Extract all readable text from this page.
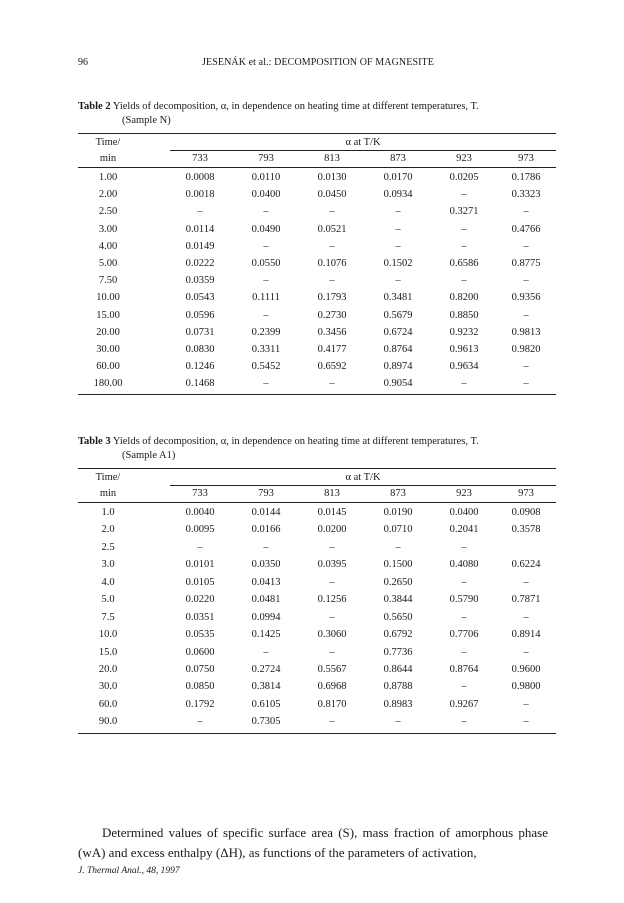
96	JESENÁK et al.: DECOMPOSITION OF MAGNESITE
Table 2 Yields of decomposition, α, in dependence on heating time at different temperatures, T.
(Sample N)
Time/
min
α at T/K
733	793	813	873	923	973
1.00	0.0008	0.0110	0.0130	0.0170	0.0205	0.1786
2.00	0.0018	0.0400	0.0450	0.0934	–	0.3323
2.50	–	–	–	–	0.3271	–
3.00	0.0114	0.0490	0.0521	–	–	0.4766
4.00	0.0149	–	–	–	–	–
5.00	0.0222	0.0550	0.1076	0.1502	0.6586	0.8775
7.50	0.0359	–	–	–	–	–
10.00	0.0543	0.1111	0.1793	0.3481	0.8200	0.9356
15.00	0.0596	–	0.2730	0.5679	0.8850	–
20.00	0.0731	0.2399	0.3456	0.6724	0.9232	0.9813
30.00	0.0830	0.3311	0.4177	0.8764	0.9613	0.9820
60.00	0.1246	0.5452	0.6592	0.8974	0.9634	–
180.00	0.1468	–	–	0.9054	–	–
Table 3 Yields of decomposition, α, in dependence on heating time at different temperatures, T.
(Sample A1)
Time/
min
α at T/K
733	793	813	873	923	973
1.0	0.0040	0.0144	0.0145	0.0190	0.0400	0.0908
2.0	0.0095	0.0166	0.0200	0.0710	0.2041	0.3578
2.5	–	–	–	–	–
3.0	0.0101	0.0350	0.0395	0.1500	0.4080	0.6224
4.0	0.0105	0.0413	–	0.2650	–	–
5.0	0.0220	0.0481	0.1256	0.3844	0.5790	0.7871
7.5	0.0351	0.0994	–	0.5650	–	–
10.0	0.0535	0.1425	0.3060	0.6792	0.7706	0.8914
15.0	0.0600	–	–	0.7736	–	–
20.0	0.0750	0.2724	0.5567	0.8644	0.8764	0.9600
30.0	0.0850	0.3814	0.6968	0.8788	–	0.9800
60.0	0.1792	0.6105	0.8170	0.8983	0.9267	–
90.0	–	0.7305	–	–	–	–

Determined values of specific surface area (S), mass fraction of amorphous phase (wA) and excess enthalpy (ΔH), as functions of the parameters of activation,

J. Thermal Anal., 48, 1997
